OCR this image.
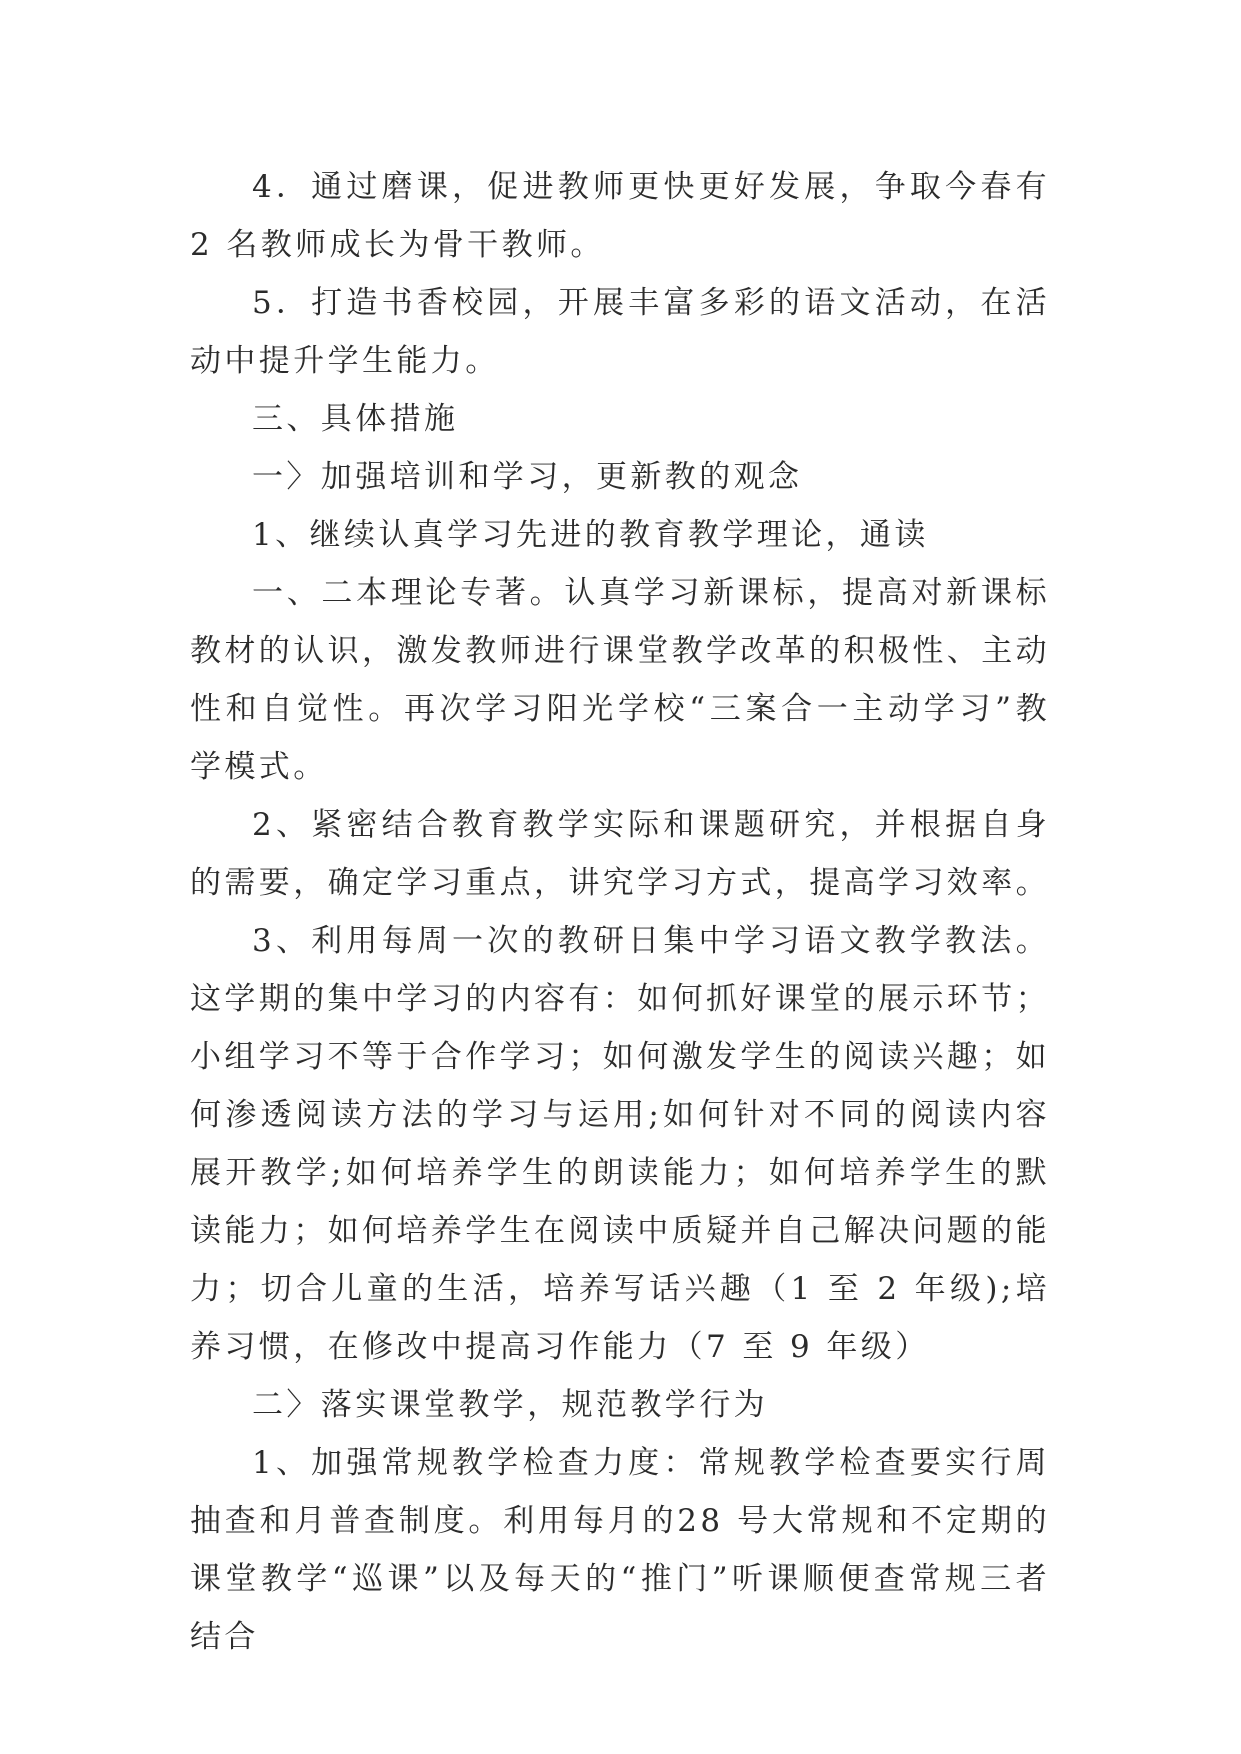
4．通过磨课，促进教师更快更好发展，争取今春有 2 名教师成长为骨干教师。

5．打造书香校园，开展丰富多彩的语文活动，在活动中提升学生能力。

三、具体措施

一〉加强培训和学习，更新教的观念

1、继续认真学习先进的教育教学理论，通读

一、二本理论专著。认真学习新课标，提高对新课标教材的认识，激发教师进行课堂教学改革的积极性、主动性和自觉性。再次学习阳光学校“三案合一主动学习”教学模式。

2、紧密结合教育教学实际和课题研究，并根据自身的需要，确定学习重点，讲究学习方式，提高学习效率。

3、利用每周一次的教研日集中学习语文教学教法。这学期的集中学习的内容有：如何抓好课堂的展示环节；小组学习不等于合作学习；如何激发学生的阅读兴趣；如何渗透阅读方法的学习与运用;如何针对不同的阅读内容展开教学;如何培养学生的朗读能力；如何培养学生的默读能力；如何培养学生在阅读中质疑并自己解决问题的能力；切合儿童的生活，培养写话兴趣（1 至 2 年级);培养习惯，在修改中提高习作能力（7 至 9 年级）

二〉落实课堂教学，规范教学行为

1、加强常规教学检查力度：常规教学检查要实行周抽查和月普查制度。利用每月的28 号大常规和不定期的课堂教学“巡课”以及每天的“推门”听课顺便查常规三者结合
